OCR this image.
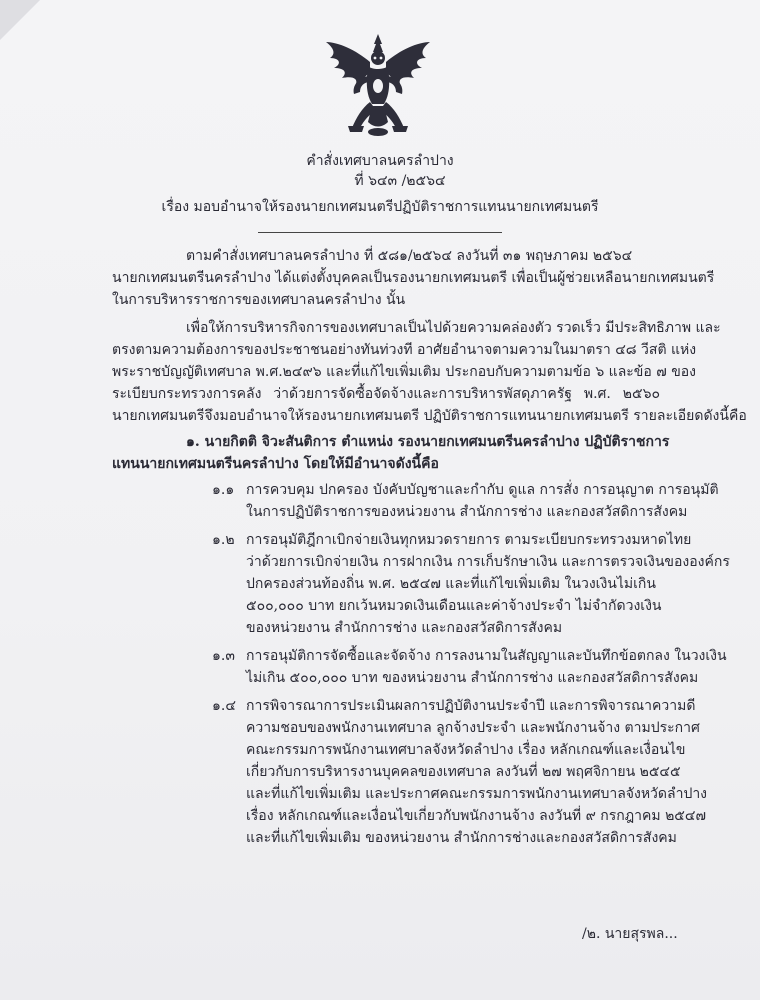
คำสั่งเทศบาลนครลำปาง
ที่ ๖๔๓ /๒๕๖๔
เรื่อง มอบอำนาจให้รองนายกเทศมนตรีปฏิบัติราชการแทนนายกเทศมนตรี
ตามคำสั่งเทศบาลนครลำปาง ที่ ๕๘๑/๒๕๖๔ ลงวันที่ ๓๑ พฤษภาคม ๒๕๖๔
นายกเทศมนตรีนครลำปาง ได้แต่งตั้งบุคคลเป็นรองนายกเทศมนตรี เพื่อเป็นผู้ช่วยเหลือนายกเทศมนตรี
ในการบริหารราชการของเทศบาลนครลำปาง นั้น
เพื่อให้การบริหารกิจการของเทศบาลเป็นไปด้วยความคล่องตัว รวดเร็ว มีประสิทธิภาพ และ
ตรงตามความต้องการของประชาชนอย่างทันท่วงที อาศัยอำนาจตามความในมาตรา ๔๘ วีสติ แห่ง
พระราชบัญญัติเทศบาล พ.ศ.๒๔๙๖ และที่แก้ไขเพิ่มเติม ประกอบกับความตามข้อ ๖ และข้อ ๗ ของ
ระเบียบกระทรวงการคลัง ว่าด้วยการจัดซื้อจัดจ้างและการบริหารพัสดุภาครัฐ พ.ศ. ๒๕๖๐
นายกเทศมนตรีจึงมอบอำนาจให้รองนายกเทศมนตรี ปฏิบัติราชการแทนนายกเทศมนตรี รายละเอียดดังนี้คือ
๑. นายกิตติ จิวะสันติการ ตำแหน่ง รองนายกเทศมนตรีนครลำปาง ปฏิบัติราชการ
แทนนายกเทศมนตรีนครลำปาง โดยให้มีอำนาจดังนี้คือ
๑.๑ การควบคุม ปกครอง บังคับบัญชาและกำกับ ดูแล การสั่ง การอนุญาต การอนุมัติ
ในการปฏิบัติราชการของหน่วยงาน สำนักการช่าง และกองสวัสดิการสังคม
๑.๒ การอนุมัติฎีกาเบิกจ่ายเงินทุกหมวดรายการ ตามระเบียบกระทรวงมหาดไทย
ว่าด้วยการเบิกจ่ายเงิน การฝากเงิน การเก็บรักษาเงิน และการตรวจเงินขององค์กร
ปกครองส่วนท้องถิ่น พ.ศ. ๒๕๔๗ และที่แก้ไขเพิ่มเติม ในวงเงินไม่เกิน
๕๐๐,๐๐๐ บาท ยกเว้นหมวดเงินเดือนและค่าจ้างประจำ ไม่จำกัดวงเงิน
ของหน่วยงาน สำนักการช่าง และกองสวัสดิการสังคม
๑.๓ การอนุมัติการจัดซื้อและจัดจ้าง การลงนามในสัญญาและบันทึกข้อตกลง ในวงเงิน
ไม่เกิน ๕๐๐,๐๐๐ บาท ของหน่วยงาน สำนักการช่าง และกองสวัสดิการสังคม
๑.๔ การพิจารณาการประเมินผลการปฏิบัติงานประจำปี และการพิจารณาความดี
ความชอบของพนักงานเทศบาล ลูกจ้างประจำ และพนักงานจ้าง ตามประกาศ
คณะกรรมการพนักงานเทศบาลจังหวัดลำปาง เรื่อง หลักเกณฑ์และเงื่อนไข
เกี่ยวกับการบริหารงานบุคคลของเทศบาล ลงวันที่ ๒๗ พฤศจิกายน ๒๕๔๕
และที่แก้ไขเพิ่มเติม และประกาศคณะกรรมการพนักงานเทศบาลจังหวัดลำปาง
เรื่อง หลักเกณฑ์และเงื่อนไขเกี่ยวกับพนักงานจ้าง ลงวันที่ ๙ กรกฎาคม ๒๕๔๗
และที่แก้ไขเพิ่มเติม ของหน่วยงาน สำนักการช่างและกองสวัสดิการสังคม
/๒. นายสุรพล...
